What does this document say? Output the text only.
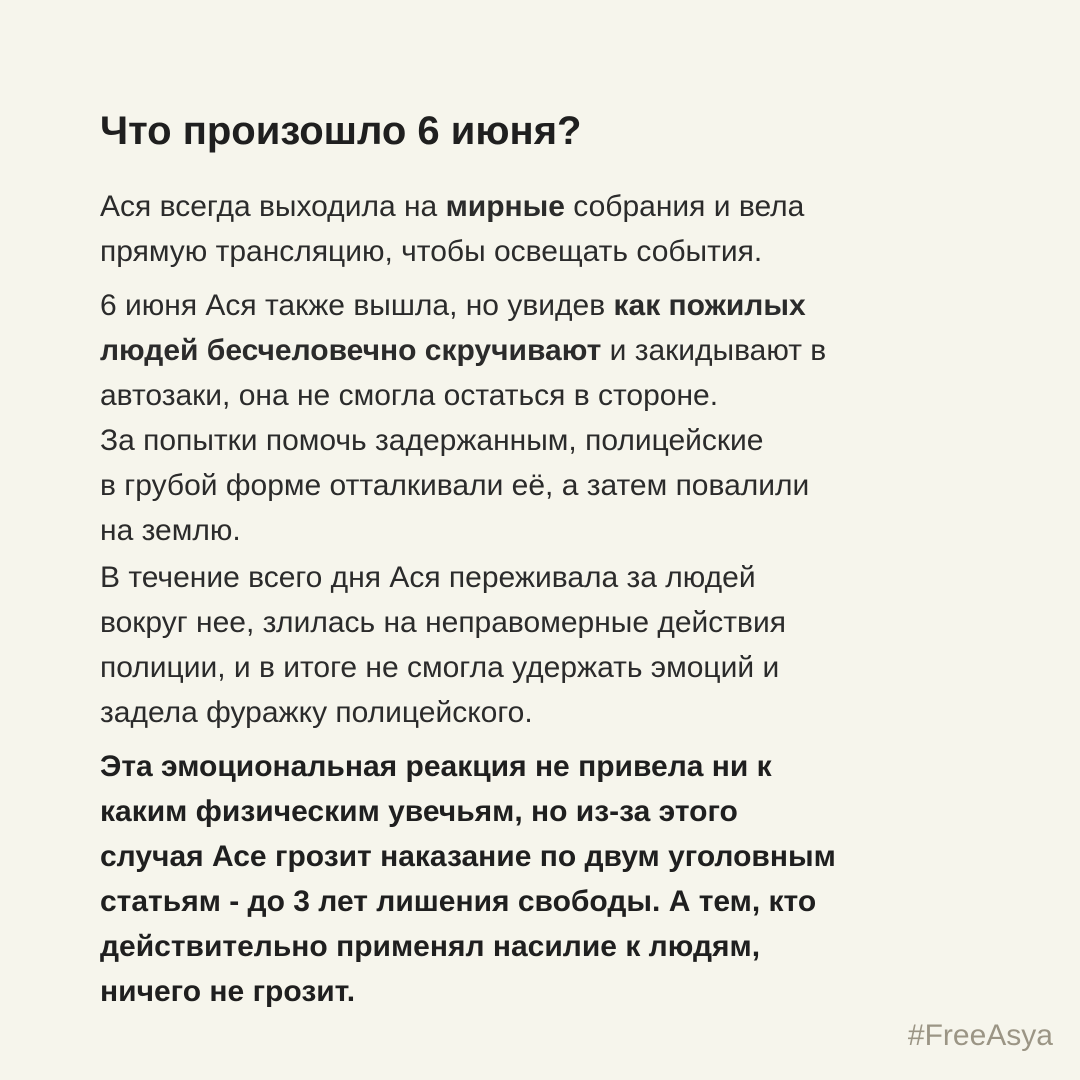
Что произошло 6 июня?

Ася всегда выходила на мирные собрания и вела
прямую трансляцию, чтобы освещать события.

6 июня Ася также вышла, но увидев как пожилых
людей бесчеловечно скручивают и закидывают в
автозаки, она не смогла остаться в стороне.
За попытки помочь задержанным, полицейские
в грубой форме отталкивали её, а затем повалили
на землю.

В течение всего дня Ася переживала за людей
вокруг нее, злилась на неправомерные действия
полиции, и в итоге не смогла удержать эмоций и
задела фуражку полицейского.

Эта эмоциональная реакция не привела ни к
каким физическим увечьям, но из-за этого
случая Асе грозит наказание по двум уголовным
статьям - до 3 лет лишения свободы. А тем, кто
действительно применял насилие к людям,
ничего не грозит.

#FreeAsya
